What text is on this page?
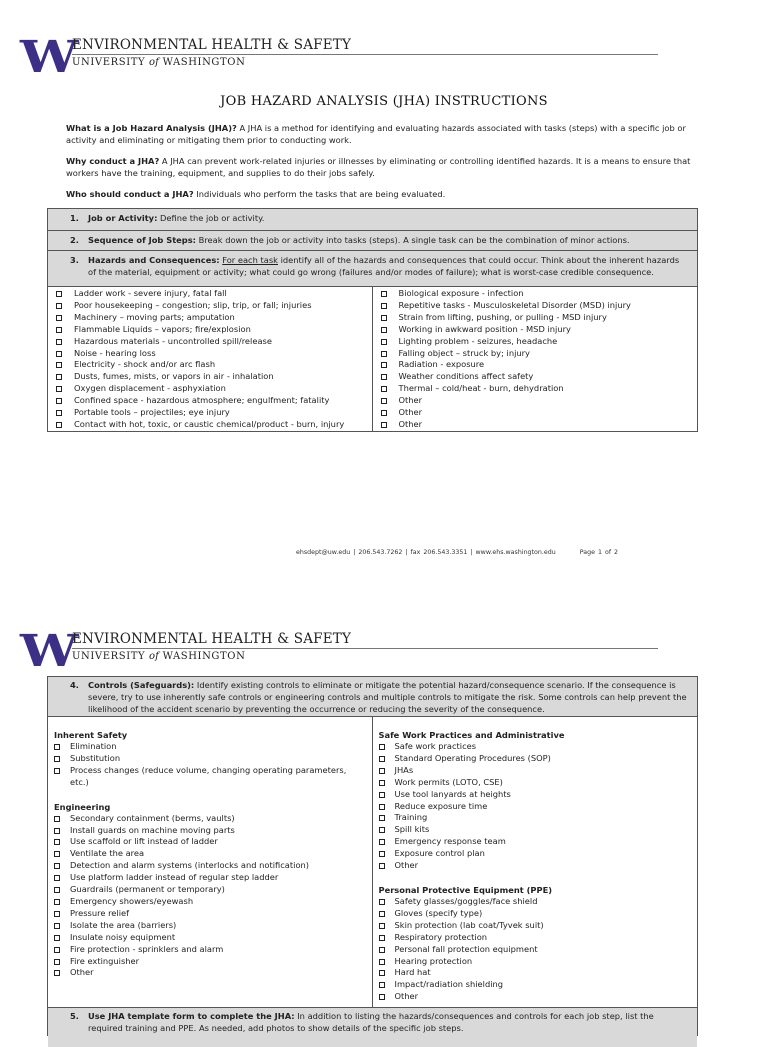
W
ENVIRONMENTAL HEALTH & SAFETY
UNIVERSITY of WASHINGTON
JOB HAZARD ANALYSIS (JHA) INSTRUCTIONS
What is a Job Hazard Analysis (JHA)? A JHA is a method for identifying and evaluating hazards associated with tasks (steps) with a specific job or activity and eliminating or mitigating them prior to conducting work.
Why conduct a JHA? A JHA can prevent work-related injuries or illnesses by eliminating or controlling identified hazards. It is a means to ensure that workers have the training, equipment, and supplies to do their jobs safely.
Who should conduct a JHA? Individuals who perform the tasks that are being evaluated.
1. Job or Activity: Define the job or activity.
2. Sequence of Job Steps: Break down the job or activity into tasks (steps). A single task can be the combination of minor actions.
3. Hazards and Consequences: For each task identify all of the hazards and consequences that could occur. Think about the inherent hazards of the material, equipment or activity; what could go wrong (failures and/or modes of failure); what is worst-case credible consequence.
Ladder work - severe injury, fatal fall
Poor housekeeping – congestion; slip, trip, or fall; injuries
Machinery – moving parts; amputation
Flammable Liquids – vapors; fire/explosion
Hazardous materials - uncontrolled spill/release
Noise - hearing loss
Electricity - shock and/or arc flash
Dusts, fumes, mists, or vapors in air - inhalation
Oxygen displacement - asphyxiation
Confined space - hazardous atmosphere; engulfment; fatality
Portable tools – projectiles; eye injury
Contact with hot, toxic, or caustic chemical/product - burn, injury
Biological exposure - infection
Repetitive tasks - Musculoskeletal Disorder (MSD) injury
Strain from lifting, pushing, or pulling - MSD injury
Working in awkward position - MSD injury
Lighting problem - seizures, headache
Falling object – struck by; injury
Radiation - exposure
Weather conditions affect safety
Thermal – cold/heat - burn, dehydration
Other
Other
Other
ehsdept@uw.edu | 206.543.7262 | fax 206.543.3351 | www.ehs.washington.edu	Page 1 of 2
W
ENVIRONMENTAL HEALTH & SAFETY
UNIVERSITY of WASHINGTON
4. Controls (Safeguards): Identify existing controls to eliminate or mitigate the potential hazard/consequence scenario. If the consequence is severe, try to use inherently safe controls or engineering controls and multiple controls to mitigate the risk. Some controls can help prevent the likelihood of the accident scenario by preventing the occurrence or reducing the severity of the consequence.
Inherent Safety
Elimination
Substitution
Process changes (reduce volume, changing operating parameters,
etc.)
Engineering
Secondary containment (berms, vaults)
Install guards on machine moving parts
Use scaffold or lift instead of ladder
Ventilate the area
Detection and alarm systems (interlocks and notification)
Use platform ladder instead of regular step ladder
Guardrails (permanent or temporary)
Emergency showers/eyewash
Pressure relief
Isolate the area (barriers)
Insulate noisy equipment
Fire protection - sprinklers and alarm
Fire extinguisher
Other
Safe Work Practices and Administrative
Safe work practices
Standard Operating Procedures (SOP)
JHAs
Work permits (LOTO, CSE)
Use tool lanyards at heights
Reduce exposure time
Training
Spill kits
Emergency response team
Exposure control plan
Other
Personal Protective Equipment (PPE)
Safety glasses/goggles/face shield
Gloves (specify type)
Skin protection (lab coat/Tyvek suit)
Respiratory protection
Personal fall protection equipment
Hearing protection
Hard hat
Impact/radiation shielding
Other
5. Use JHA template form to complete the JHA: In addition to listing the hazards/consequences and controls for each job step, list the required training and PPE. As needed, add photos to show details of the specific job steps.
